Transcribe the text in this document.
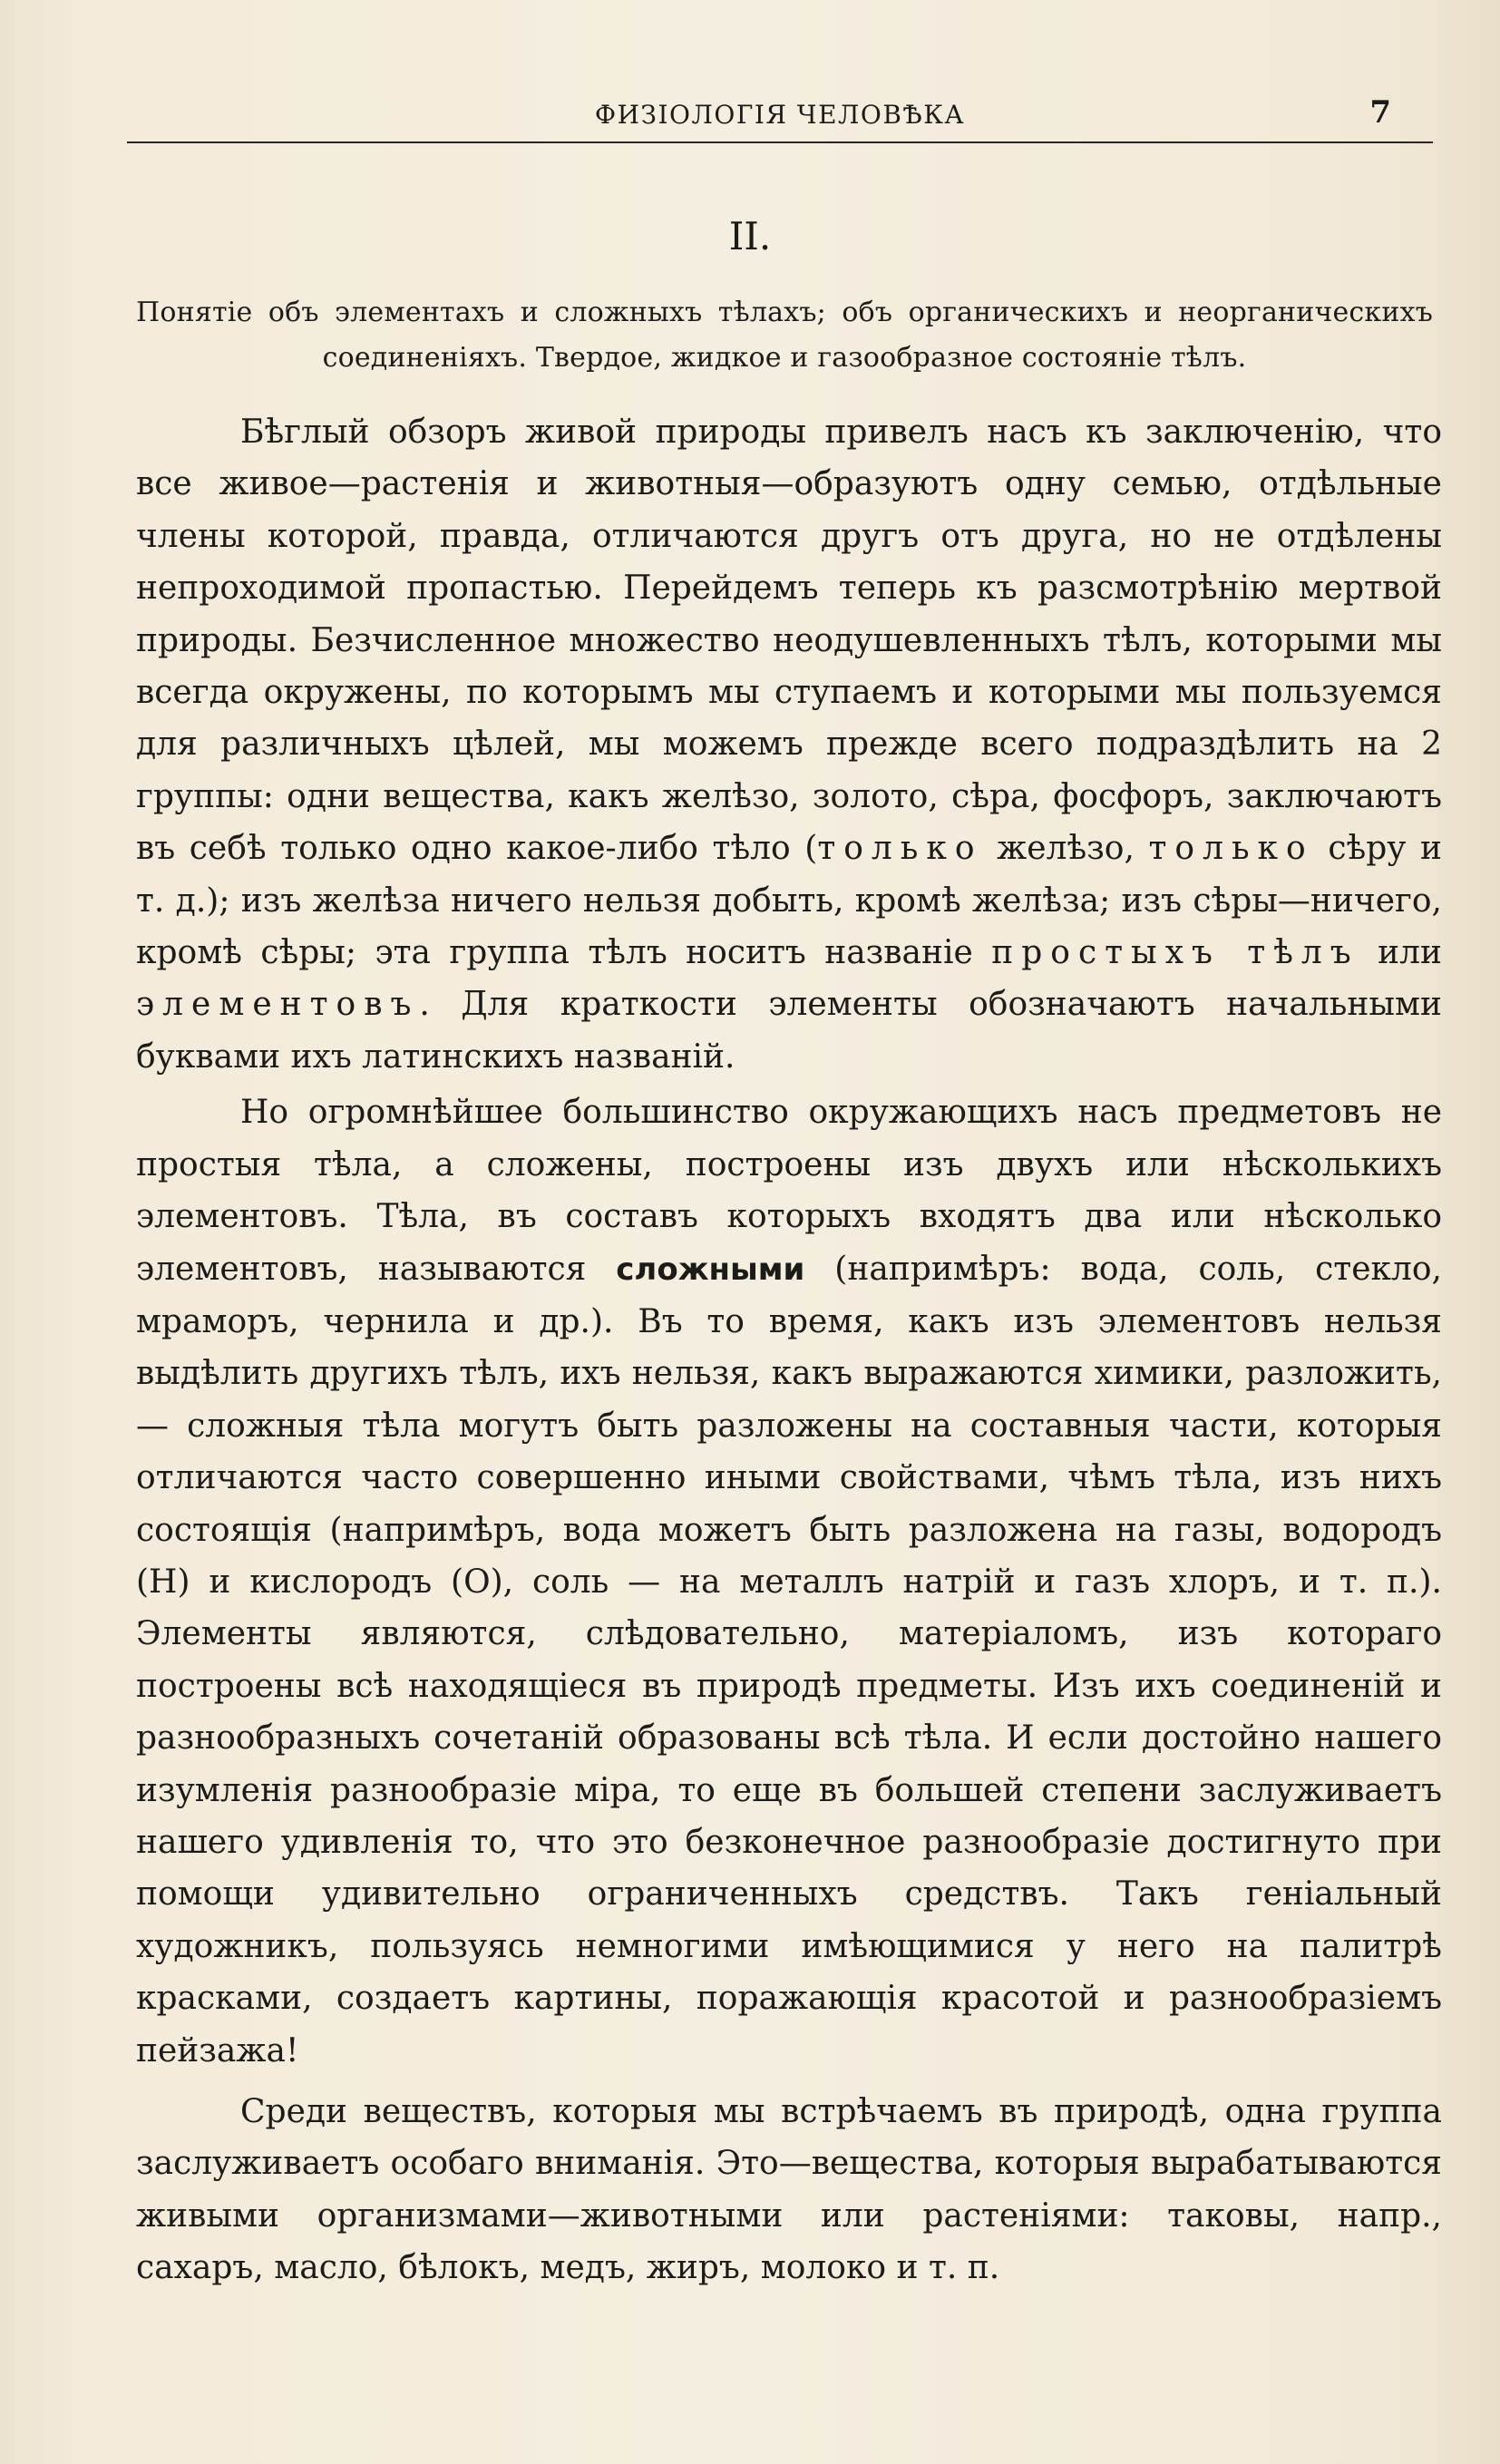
ФИЗIОЛОГIЯ ЧЕЛОВѢКА	7
II.
Понятiе объ элементахъ и сложныхъ тѣлахъ; объ органическихъ и неорганическихъ соединенiяхъ. Твердое, жидкое и газообразное состоянiе тѣлъ.

Бѣглый обзоръ живой природы привелъ насъ къ заключенiю, что все живое—растенiя и животныя—образуютъ одну семью, отдѣльные члены которой, правда, отличаются другъ отъ друга, но не отдѣлены непроходимой пропастью. Перейдемъ теперь къ разсмотрѣнiю мертвой природы. Безчисленное множество неодушевленныхъ тѣлъ, которыми мы всегда окружены, по которымъ мы ступаемъ и которыми мы пользуемся для различныхъ цѣлей, мы можемъ прежде всего подраздѣлить на 2 группы: одни вещества, какъ желѣзо, золото, сѣра, фосфоръ, заключаютъ въ себѣ только одно какое-либо тѣло (только желѣзо, только сѣру и т. д.); изъ желѣза ничего нельзя добыть, кромѣ желѣза; изъ сѣры—ничего, кромѣ сѣры; эта группа тѣлъ носитъ названiе простыхъ тѣлъ или элементовъ. Для краткости элементы обозначаютъ начальными буквами ихъ латинскихъ названiй.

Но огромнѣйшее большинство окружающихъ насъ предметовъ не простыя тѣла, а сложены, построены изъ двухъ или нѣсколькихъ элементовъ. Тѣла, въ составъ которыхъ входятъ два или нѣсколько элементовъ, называются сложными (напримѣръ: вода, соль, стекло, мраморъ, чернила и др.). Въ то время, какъ изъ элементовъ нельзя выдѣлить другихъ тѣлъ, ихъ нельзя, какъ выражаются химики, разложить, — сложныя тѣла могутъ быть разложены на составныя части, которыя отличаются часто совершенно иными свойствами, чѣмъ тѣла, изъ нихъ состоящiя (напримѣръ, вода можетъ быть разложена на газы, водородъ (Н) и кислородъ (О), соль — на металлъ натрiй и газъ хлоръ, и т. п.). Элементы являются, слѣдовательно, матерiаломъ, изъ котораго построены всѣ находящiеся въ природѣ предметы. Изъ ихъ соединенiй и разнообразныхъ сочетанiй образованы всѣ тѣла. И если достойно нашего изумленiя разнообразiе мiра, то еще въ большей степени заслуживаетъ нашего удивленiя то, что это безконечное разнообразiе достигнуто при помощи удивительно ограниченныхъ средствъ. Такъ генiальный художникъ, пользуясь немногими имѣющимися у него на палитрѣ красками, создаетъ картины, поражающiя красотой и разнообразiемъ пейзажа!

Среди веществъ, которыя мы встрѣчаемъ въ природѣ, одна группа заслуживаетъ особаго вниманiя. Это—вещества, которыя вырабатываются живыми организмами—животными или растенiями: таковы, напр., сахаръ, масло, бѣлокъ, медъ, жиръ, молоко и т. п.
